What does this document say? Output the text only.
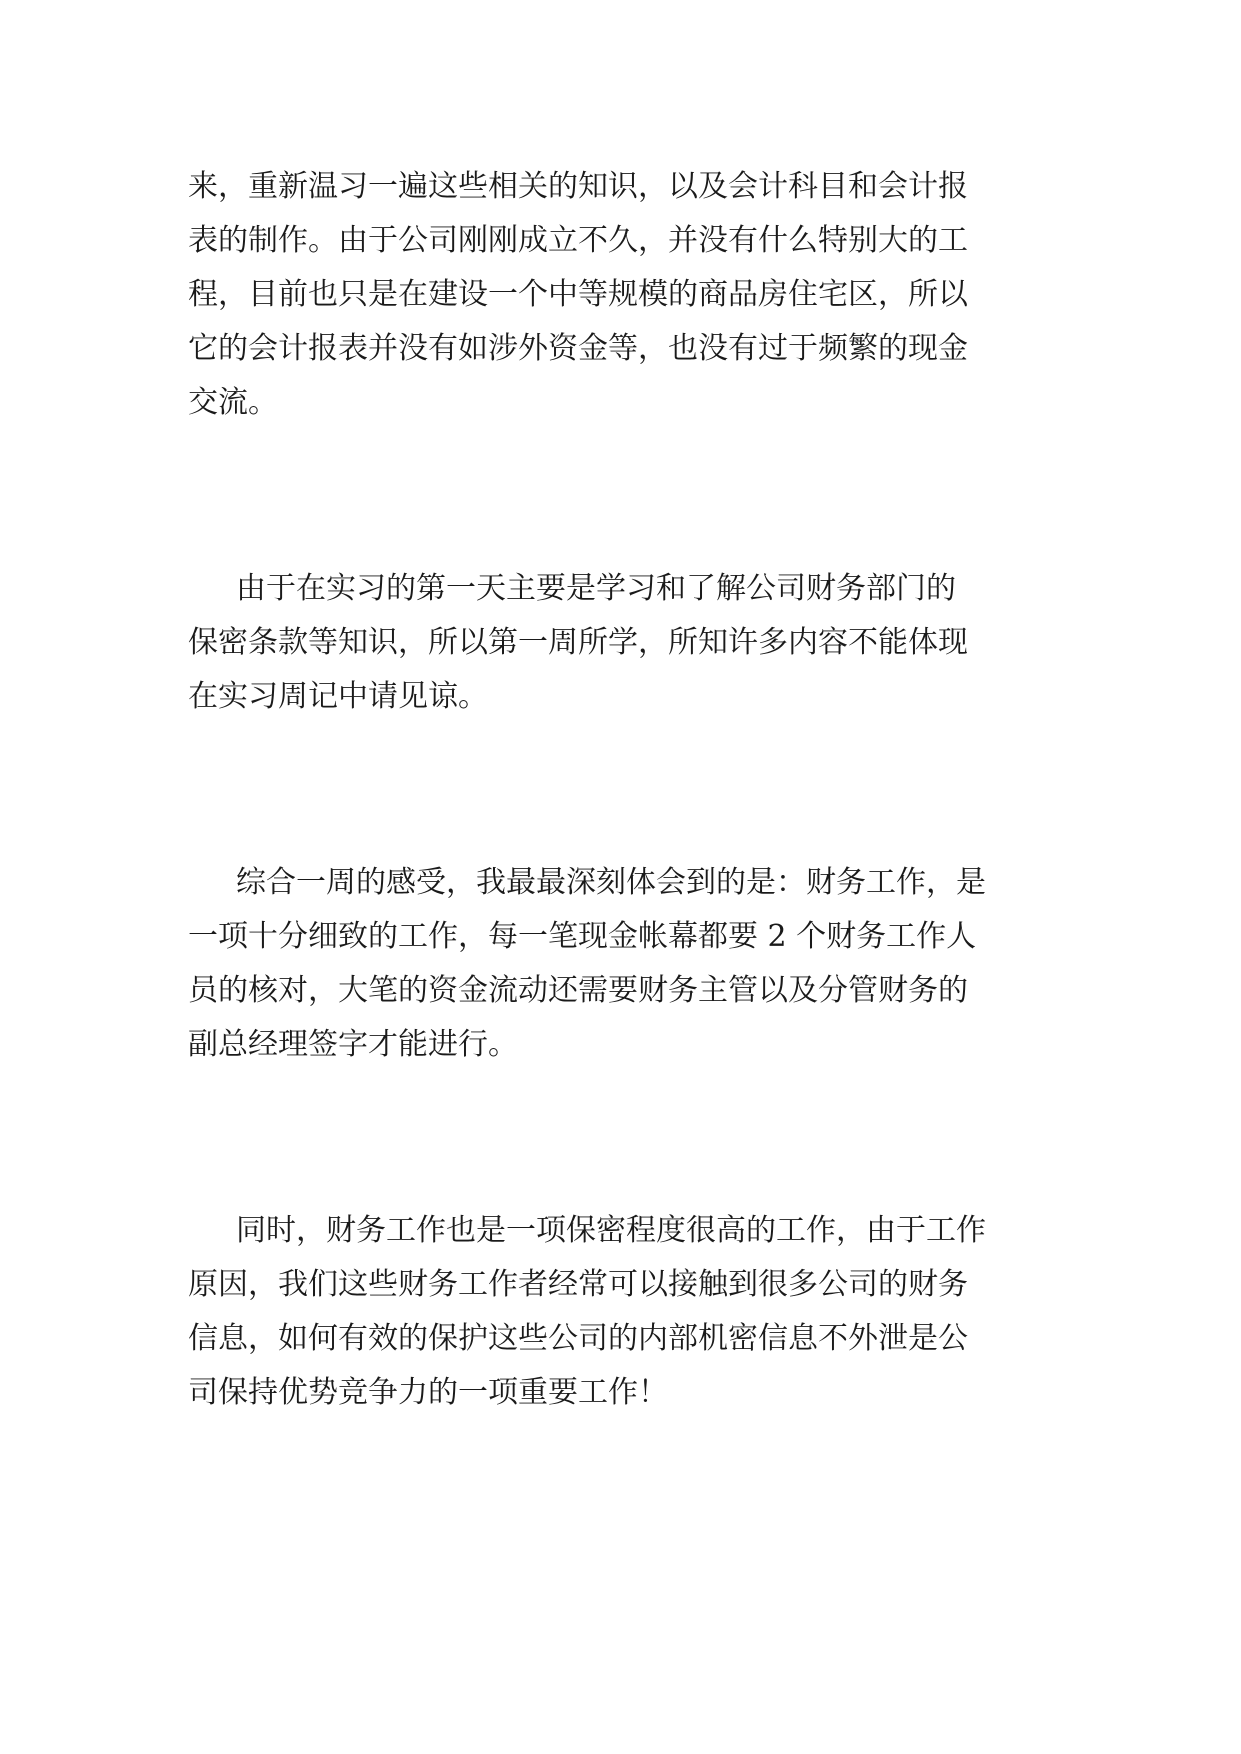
来，重新温习一遍这些相关的知识，以及会计科目和会计报
表的制作。由于公司刚刚成立不久，并没有什么特别大的工
程，目前也只是在建设一个中等规模的商品房住宅区，所以
它的会计报表并没有如涉外资金等，也没有过于频繁的现金
交流。
由于在实习的第一天主要是学习和了解公司财务部门的
保密条款等知识，所以第一周所学，所知许多内容不能体现
在实习周记中请见谅。
综合一周的感受，我最最深刻体会到的是：财务工作，是
一项十分细致的工作，每一笔现金帐幕都要 2 个财务工作人
员的核对，大笔的资金流动还需要财务主管以及分管财务的
副总经理签字才能进行。
同时，财务工作也是一项保密程度很高的工作，由于工作
原因，我们这些财务工作者经常可以接触到很多公司的财务
信息，如何有效的保护这些公司的内部机密信息不外泄是公
司保持优势竞争力的一项重要工作！
